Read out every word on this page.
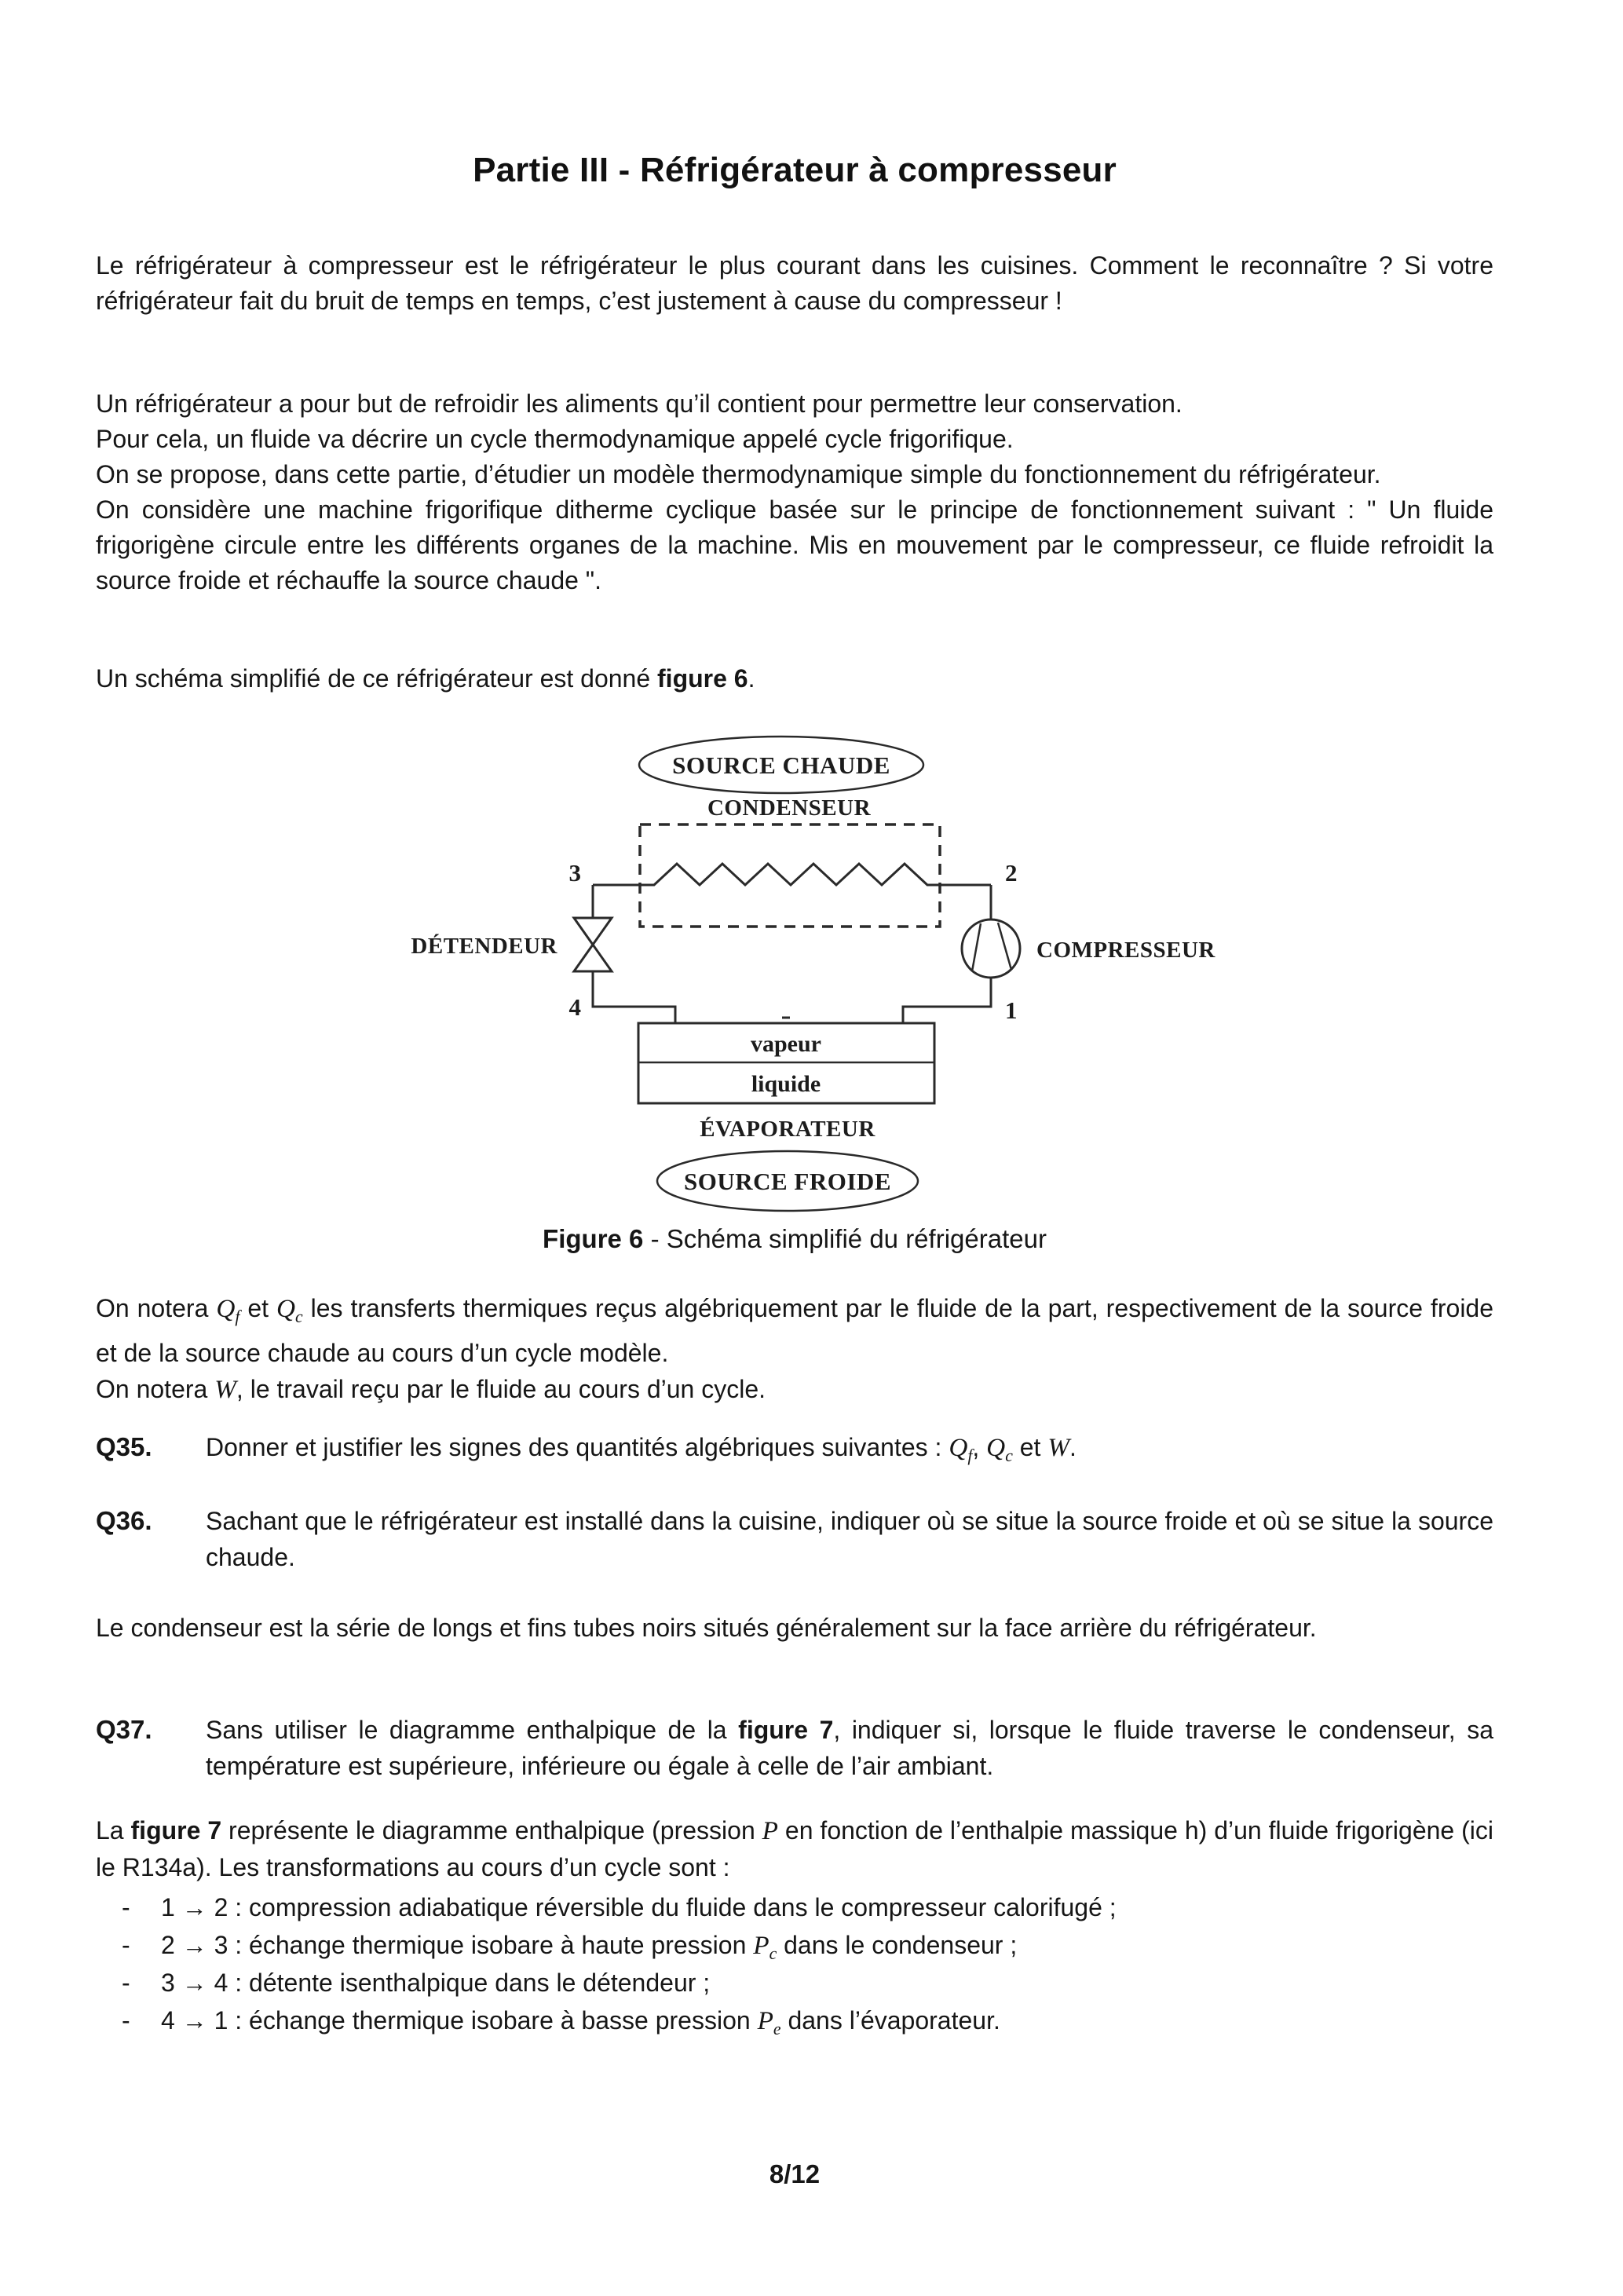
Partie III - Réfrigérateur à compresseur

Le réfrigérateur à compresseur est le réfrigérateur le plus courant dans les cuisines. Comment le reconnaître ? Si votre réfrigérateur fait du bruit de temps en temps, c’est justement à cause du compresseur !

Un réfrigérateur a pour but de refroidir les aliments qu’il contient pour permettre leur conservation.

Pour cela, un fluide va décrire un cycle thermodynamique appelé cycle frigorifique.

On se propose, dans cette partie, d’étudier un modèle thermodynamique simple du fonctionnement du réfrigérateur.

On considère une machine frigorifique ditherme cyclique basée sur le principe de fonctionnement suivant : " Un fluide frigorigène circule entre les différents organes de la machine. Mis en mouvement par le compresseur, ce fluide refroidit la source froide et réchauffe la source chaude ".

Un schéma simplifié de ce réfrigérateur est donné figure 6.

SOURCE CHAUDE
CONDENSEUR
3	2
DÉTENDEUR
4
COMPRESSEUR
1
vapeur
liquide
ÉVAPORATEUR
SOURCE FROIDE
Figure 6 - Schéma simplifié du réfrigérateur

On notera $Q_f$ et $Q_c$ les transferts thermiques reçus algébriquement par le fluide de la part, respectivement de la source froide et de la source chaude au cours d’un cycle modèle.

On notera W, le travail reçu par le fluide au cours d’un cycle.

Q35.	Donner et justifier les signes des quantités algébriques suivantes : $Q_f$, $Q_c$ et W.
Q36.	Sachant que le réfrigérateur est installé dans la cuisine, indiquer où se situe la source froide et où se situe la source chaude.

Le condenseur est la série de longs et fins tubes noirs situés généralement sur la face arrière du réfrigérateur.

Q37.	Sans utiliser le diagramme enthalpique de la figure 7, indiquer si, lorsque le fluide traverse le condenseur, sa température est supérieure, inférieure ou égale à celle de l’air ambiant.

La figure 7 représente le diagramme enthalpique (pression P en fonction de l’enthalpie massique h) d’un fluide frigorigène (ici le R134a). Les transformations au cours d’un cycle sont :

-	1 → 2 : compression adiabatique réversible du fluide dans le compresseur calorifugé ;
-	2 → 3 : échange thermique isobare à haute pression $P_c$ dans le condenseur ;
-	3 → 4 : détente isenthalpique dans le détendeur ;
-	4 → 1 : échange thermique isobare à basse pression $P_e$ dans l’évaporateur.
8/12
